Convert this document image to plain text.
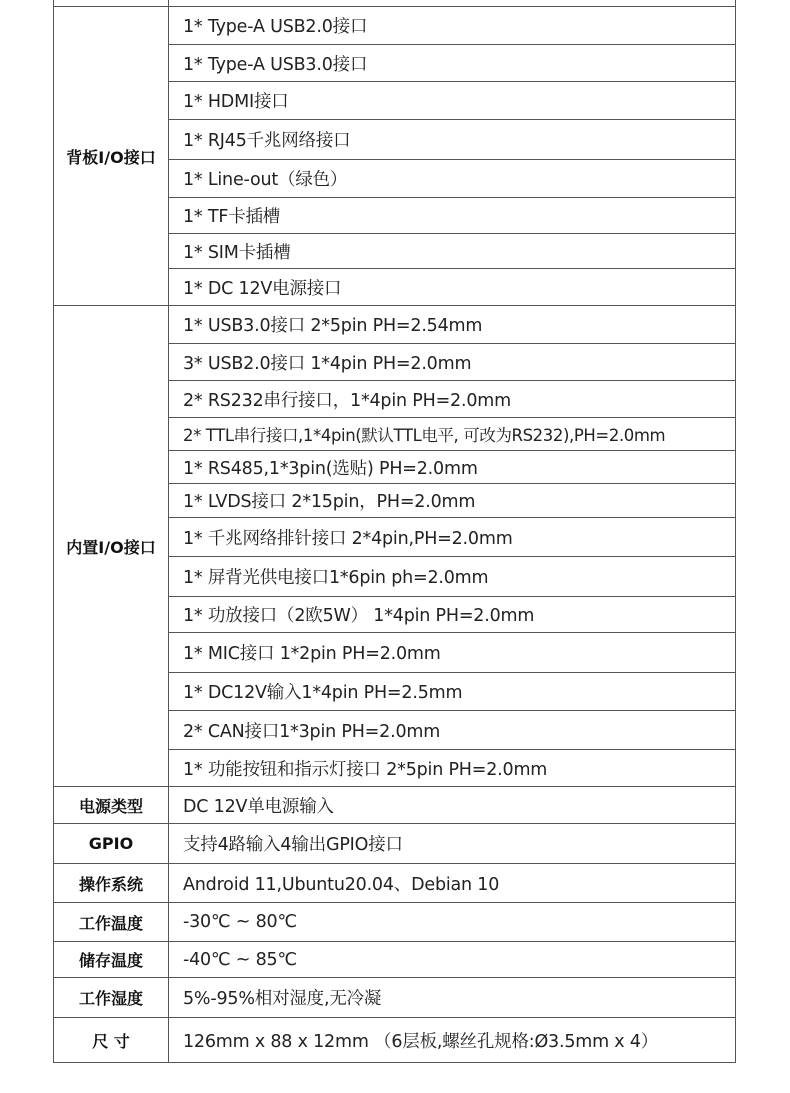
背板I/O接口	1* Type-A USB2.0接口
	1* Type-A USB3.0接口
	1* HDMI接口
	1* RJ45千兆网络接口
	1* Line-out（绿色）
	1* TF卡插槽
	1* SIM卡插槽
	1* DC 12V电源接口
内置I/O接口	1* USB3.0接口 2*5pin PH=2.54mm
	3* USB2.0接口 1*4pin PH=2.0mm
	2* RS232串行接口，1*4pin PH=2.0mm
	2* TTL串行接口,1*4pin(默认TTL电平, 可改为RS232),PH=2.0mm
	1* RS485,1*3pin(选贴) PH=2.0mm
	1* LVDS接口 2*15pin，PH=2.0mm
	1* 千兆网络排针接口 2*4pin,PH=2.0mm
	1* 屏背光供电接口1*6pin ph=2.0mm
	1* 功放接口（2欧5W） 1*4pin PH=2.0mm
	1* MIC接口 1*2pin PH=2.0mm
	1* DC12V输入1*4pin PH=2.5mm
	2* CAN接口1*3pin PH=2.0mm
	1* 功能按钮和指示灯接口 2*5pin PH=2.0mm
电源类型	DC 12V单电源输入
GPIO	支持4路输入4输出GPIO接口
操作系统	Android 11,Ubuntu20.04、Debian 10
工作温度	-30℃ ~ 80℃
储存温度	-40℃ ~ 85℃
工作湿度	5%-95%相对湿度,无冷凝
尺 寸	126mm x 88 x 12mm （6层板,螺丝孔规格:Ø3.5mm x 4）
